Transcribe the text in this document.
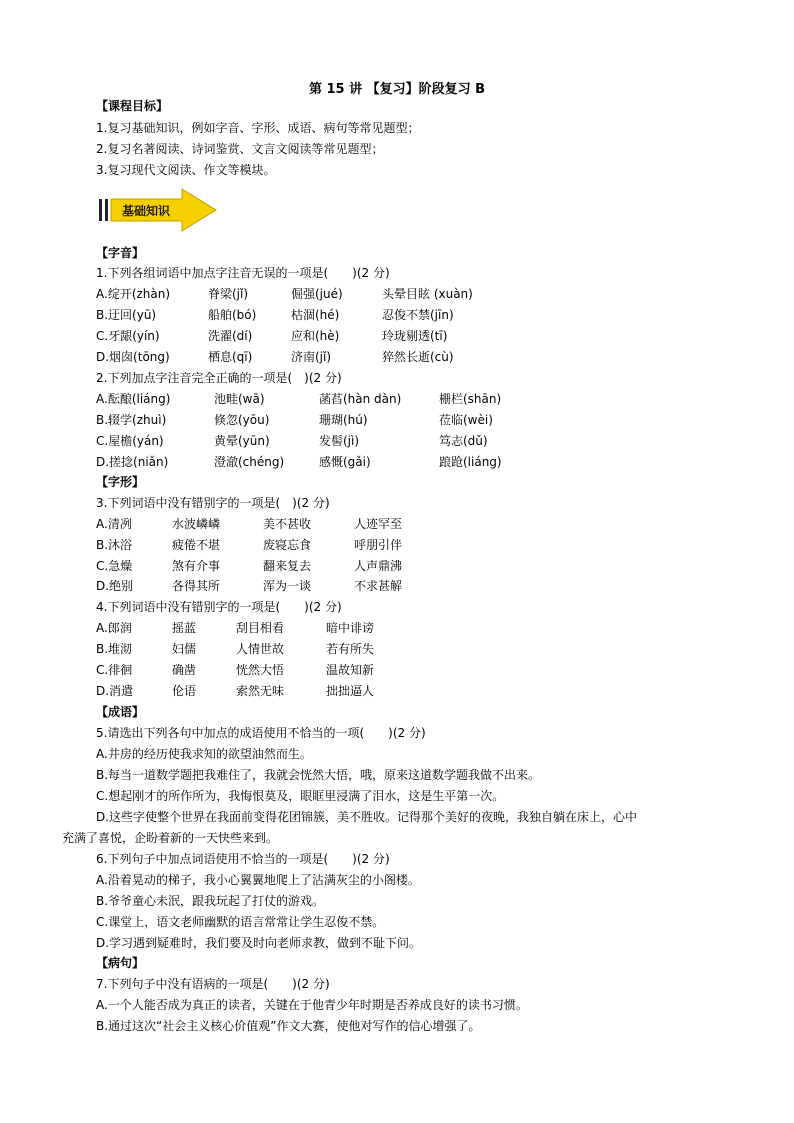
第 15 讲 【复习】阶段复习 B
【课程目标】
1.复习基础知识，例如字音、字形、成语、病句等常见题型；
2.复习名著阅读、诗词鉴赏、文言文阅读等常见题型；
3.复习现代文阅读、作文等模块。
基础知识
【字音】
1.下列各组词语中加点字注音无误的一项是(　　)(2 分)
A.绽开(zhàn)	脊梁(jǐ)	倔强(jué)	头晕目眩 (xuàn)
B.迂回(yū)	船舶(bó)	枯涸(hé)	忍俊不禁(jīn)
C.牙龈(yín)	洗濯(dí)	应和(hè)	玲珑剔透(tī)
D.烟囱(tōng)	栖息(qī)	济南(jǐ)	猝然长逝(cù)
2.下列加点字注音完全正确的一项是(　)(2 分)
A.酝酿(liáng)	池畦(wā)	菡萏(hàn dàn)	栅栏(shān)
B.辍学(zhuì)	倏忽(yōu)	珊瑚(hú)	莅临(wèi)
C.屋檐(yán)	黄晕(yūn)	发髻(jì)	笃志(dǔ)
D.搓捻(niǎn)	澄澈(chéng)	感慨(gǎi)	踉跄(liáng)
【字形】
3.下列词语中没有错别字的一项是(　)(2 分)
A.清冽	水波嶙嶙	美不甚收	人迹罕至
B.沐浴	疲倦不堪	废寝忘食	呼朋引伴
C.急燥	煞有介事	翻来复去	人声鼎沸
D.绝别	各得其所	浑为一谈	不求甚解
4.下列词语中没有错别字的一项是(　　)(2 分)
A.郎润	摇蓝	刮目相看	暗中诽谤
B.堆沏	妇儒	人情世故	若有所失
C.徘徊	确凿	恍然大悟	温故知新
D.消遣	伦语	索然无味	拙拙逼人
【成语】
5.请选出下列各句中加点的成语使用不恰当的一项(　　)(2 分)
A.井房的经历使我求知的欲望油然而生。
B.每当一道数学题把我难住了，我就会恍然大悟，哦，原来这道数学题我做不出来。
C.想起刚才的所作所为，我悔恨莫及，眼眶里浸满了泪水，这是生平第一次。
D.这些字使整个世界在我面前变得花团锦簇，美不胜收。记得那个美好的夜晚，我独自躺在床上，心中
充满了喜悦，企盼着新的一天快些来到。
6.下列句子中加点词语使用不恰当的一项是(　　)(2 分)
A.沿着晃动的梯子，我小心翼翼地爬上了沾满灰尘的小阁楼。
B.爷爷童心未泯，跟我玩起了打仗的游戏。
C.课堂上，语文老师幽默的语言常常让学生忍俊不禁。
D.学习遇到疑难时，我们要及时向老师求教，做到不耻下问。
【病句】
7.下列句子中没有语病的一项是(　　)(2 分)
A.一个人能否成为真正的读者，关键在于他青少年时期是否养成良好的读书习惯。
B.通过这次“社会主义核心价值观”作文大赛，使他对写作的信心增强了。
